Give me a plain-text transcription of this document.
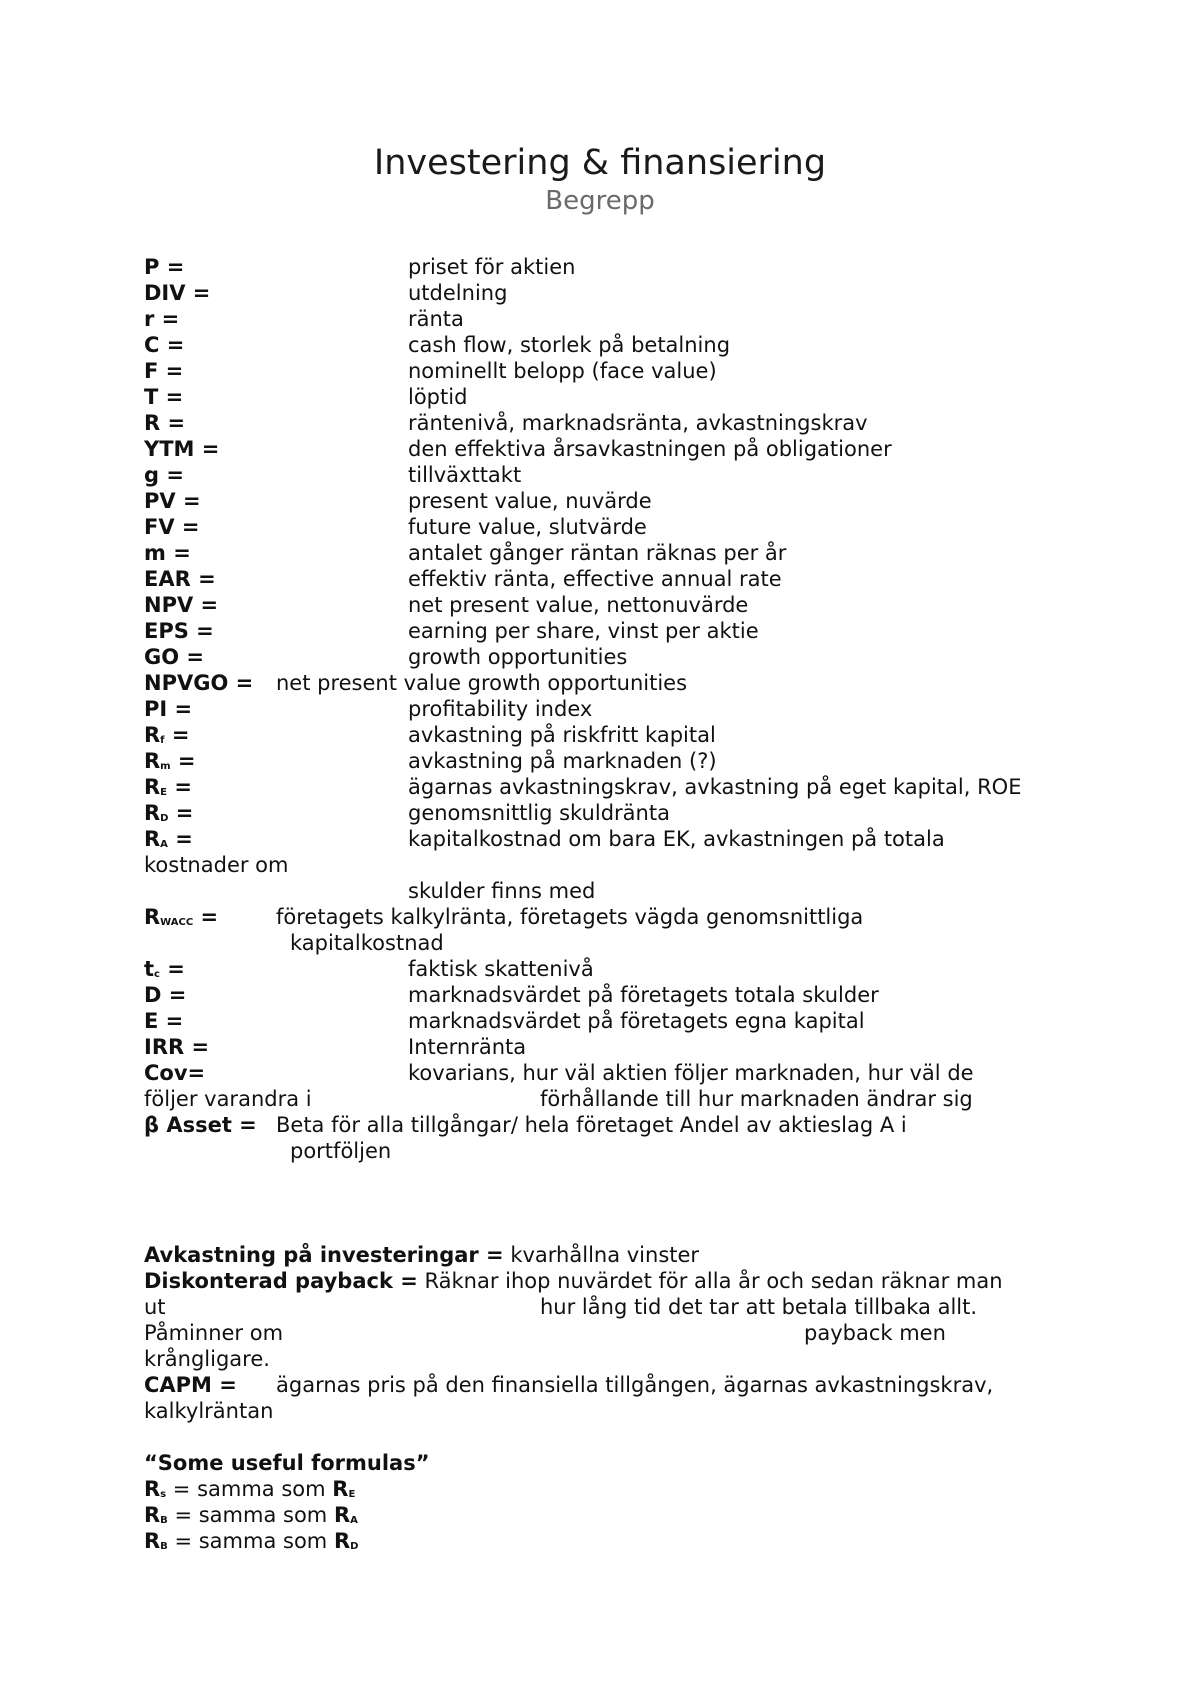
Investering & finansiering
Begrepp
P =	priset för aktien
DIV =	utdelning
r =	ränta
C =	cash flow, storlek på betalning
F =	nominellt belopp (face value)
T =	löptid
R =	räntenivå, marknadsränta, avkastningskrav
YTM =	den effektiva årsavkastningen på obligationer
g =	tillväxttakt
PV =	present value, nuvärde
FV =	future value, slutvärde
m =	antalet gånger räntan räknas per år
EAR =	effektiv ränta, effective annual rate
NPV =	net present value, nettonuvärde
EPS =	earning per share, vinst per aktie
GO =	growth opportunities
NPVGO = net present value growth opportunities
PI =	profitability index
$R_f$ =	avkastning på riskfritt kapital
$R_m$ =	avkastning på marknaden (?)
$R_E$ =	ägarnas avkastningskrav, avkastning på eget kapital, ROE
$R_D$ =	genomsnittlig skuldränta
$R_A$ =	kapitalkostnad om bara EK, avkastningen på totala
kostnader om
skulder finns med
$R_{WACC}$ =	företagets kalkylränta, företagets vägda genomsnittliga
kapitalkostnad
$t_c$ =	faktisk skattenivå
D =	marknadsvärdet på företagets totala skulder
E =	marknadsvärdet på företagets egna kapital
IRR =	Internränta
Cov=	kovarians, hur väl aktien följer marknaden, hur väl de
följer varandra i	förhållande till hur marknaden ändrar sig
β Asset = Beta för alla tillgångar/ hela företaget Andel av aktieslag A i
portföljen
Avkastning på investeringar = kvarhållna vinster
Diskonterad payback = Räknar ihop nuvärdet för alla år och sedan räknar man
ut	hur lång tid det tar att betala tillbaka allt.
Påminner om	payback men
krångligare.
CAPM = ägarnas pris på den finansiella tillgången, ägarnas avkastningskrav,
kalkylräntan
“Some useful formulas”
$R_s$ = samma som $R_E$
$R_B$ = samma som $R_A$
$R_B$ = samma som $R_D$
